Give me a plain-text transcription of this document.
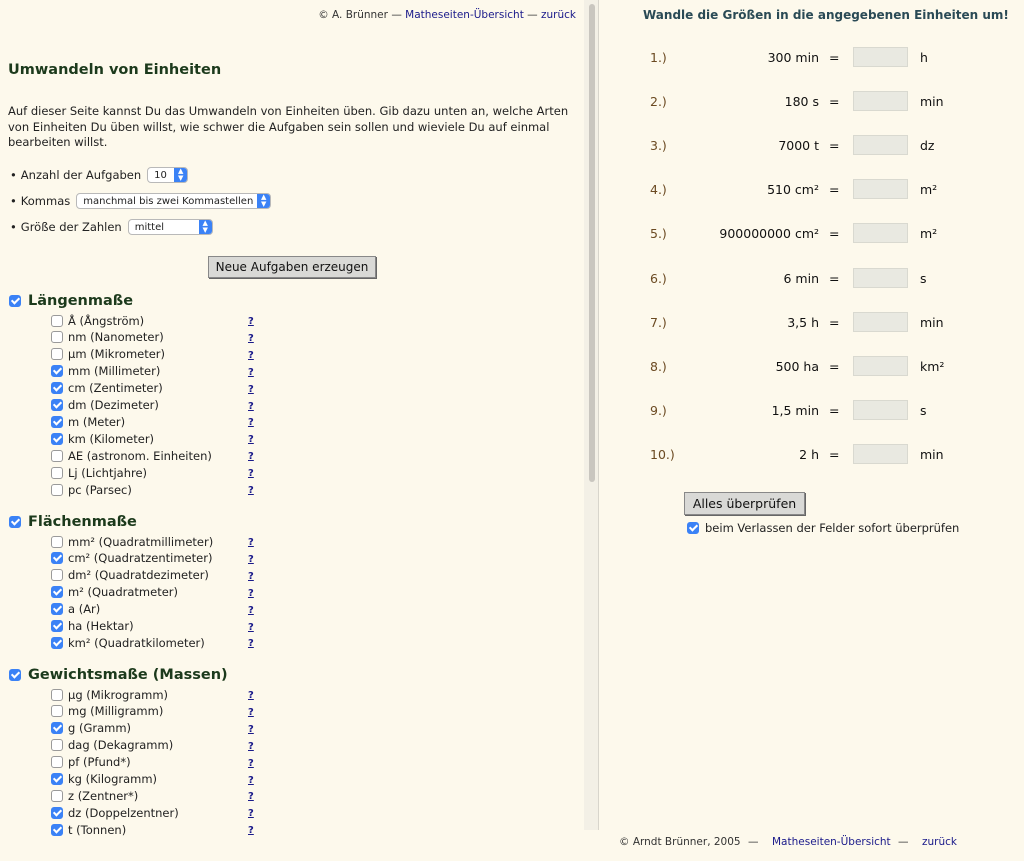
© A. Brünner — Matheseiten-Übersicht — zurück
Umwandeln von Einheiten

Auf dieser Seite kannst Du das Umwandeln von Einheiten üben. Gib dazu unten an, welche Arten von Einheiten Du üben willst, wie schwer die Aufgaben sein sollen und wieviele Du auf einmal bearbeiten willst.

• Anzahl der Aufgaben	10	▲
▼
• Kommas	manchmal bis zwei Kommastellen	▲
▼
• Größe der Zahlen	mittel	▲
▼
Neue Aufgaben erzeugen
Längenmaße
Å (Ångström)	?
nm (Nanometer)	?
µm (Mikrometer)	?
mm (Millimeter)	?
cm (Zentimeter)	?
dm (Dezimeter)	?
m (Meter)	?
km (Kilometer)	?
AE (astronom. Einheiten)	?
Lj (Lichtjahre)	?
pc (Parsec)	?
Flächenmaße
mm² (Quadratmillimeter)	?
cm² (Quadratzentimeter)	?
dm² (Quadratdezimeter)	?
m² (Quadratmeter)	?
a (Ar)	?
ha (Hektar)	?
km² (Quadratkilometer)	?
Gewichtsmaße (Massen)
µg (Mikrogramm)	?
mg (Milligramm)	?
g (Gramm)	?
dag (Dekagramm)	?
pf (Pfund*)	?
kg (Kilogramm)	?
z (Zentner*)	?
dz (Doppelzentner)	?
t (Tonnen)	?
Wandle die Größen in die angegebenen Einheiten um!
1.)	300 min =	h
2.)	180 s =	min
3.)	7000 t =	dz
4.)	510 cm² =	m²
5.)	900000000 cm² =	m²
6.)	6 min =	s
7.)	3,5 h =	min
8.)	500 ha =	km²
9.)	1,5 min =	s
10.)	2 h =	min
Alles überprüfen
beim Verlassen der Felder sofort überprüfen
© Arndt Brünner, 2005 — Matheseiten-Übersicht — zurück
